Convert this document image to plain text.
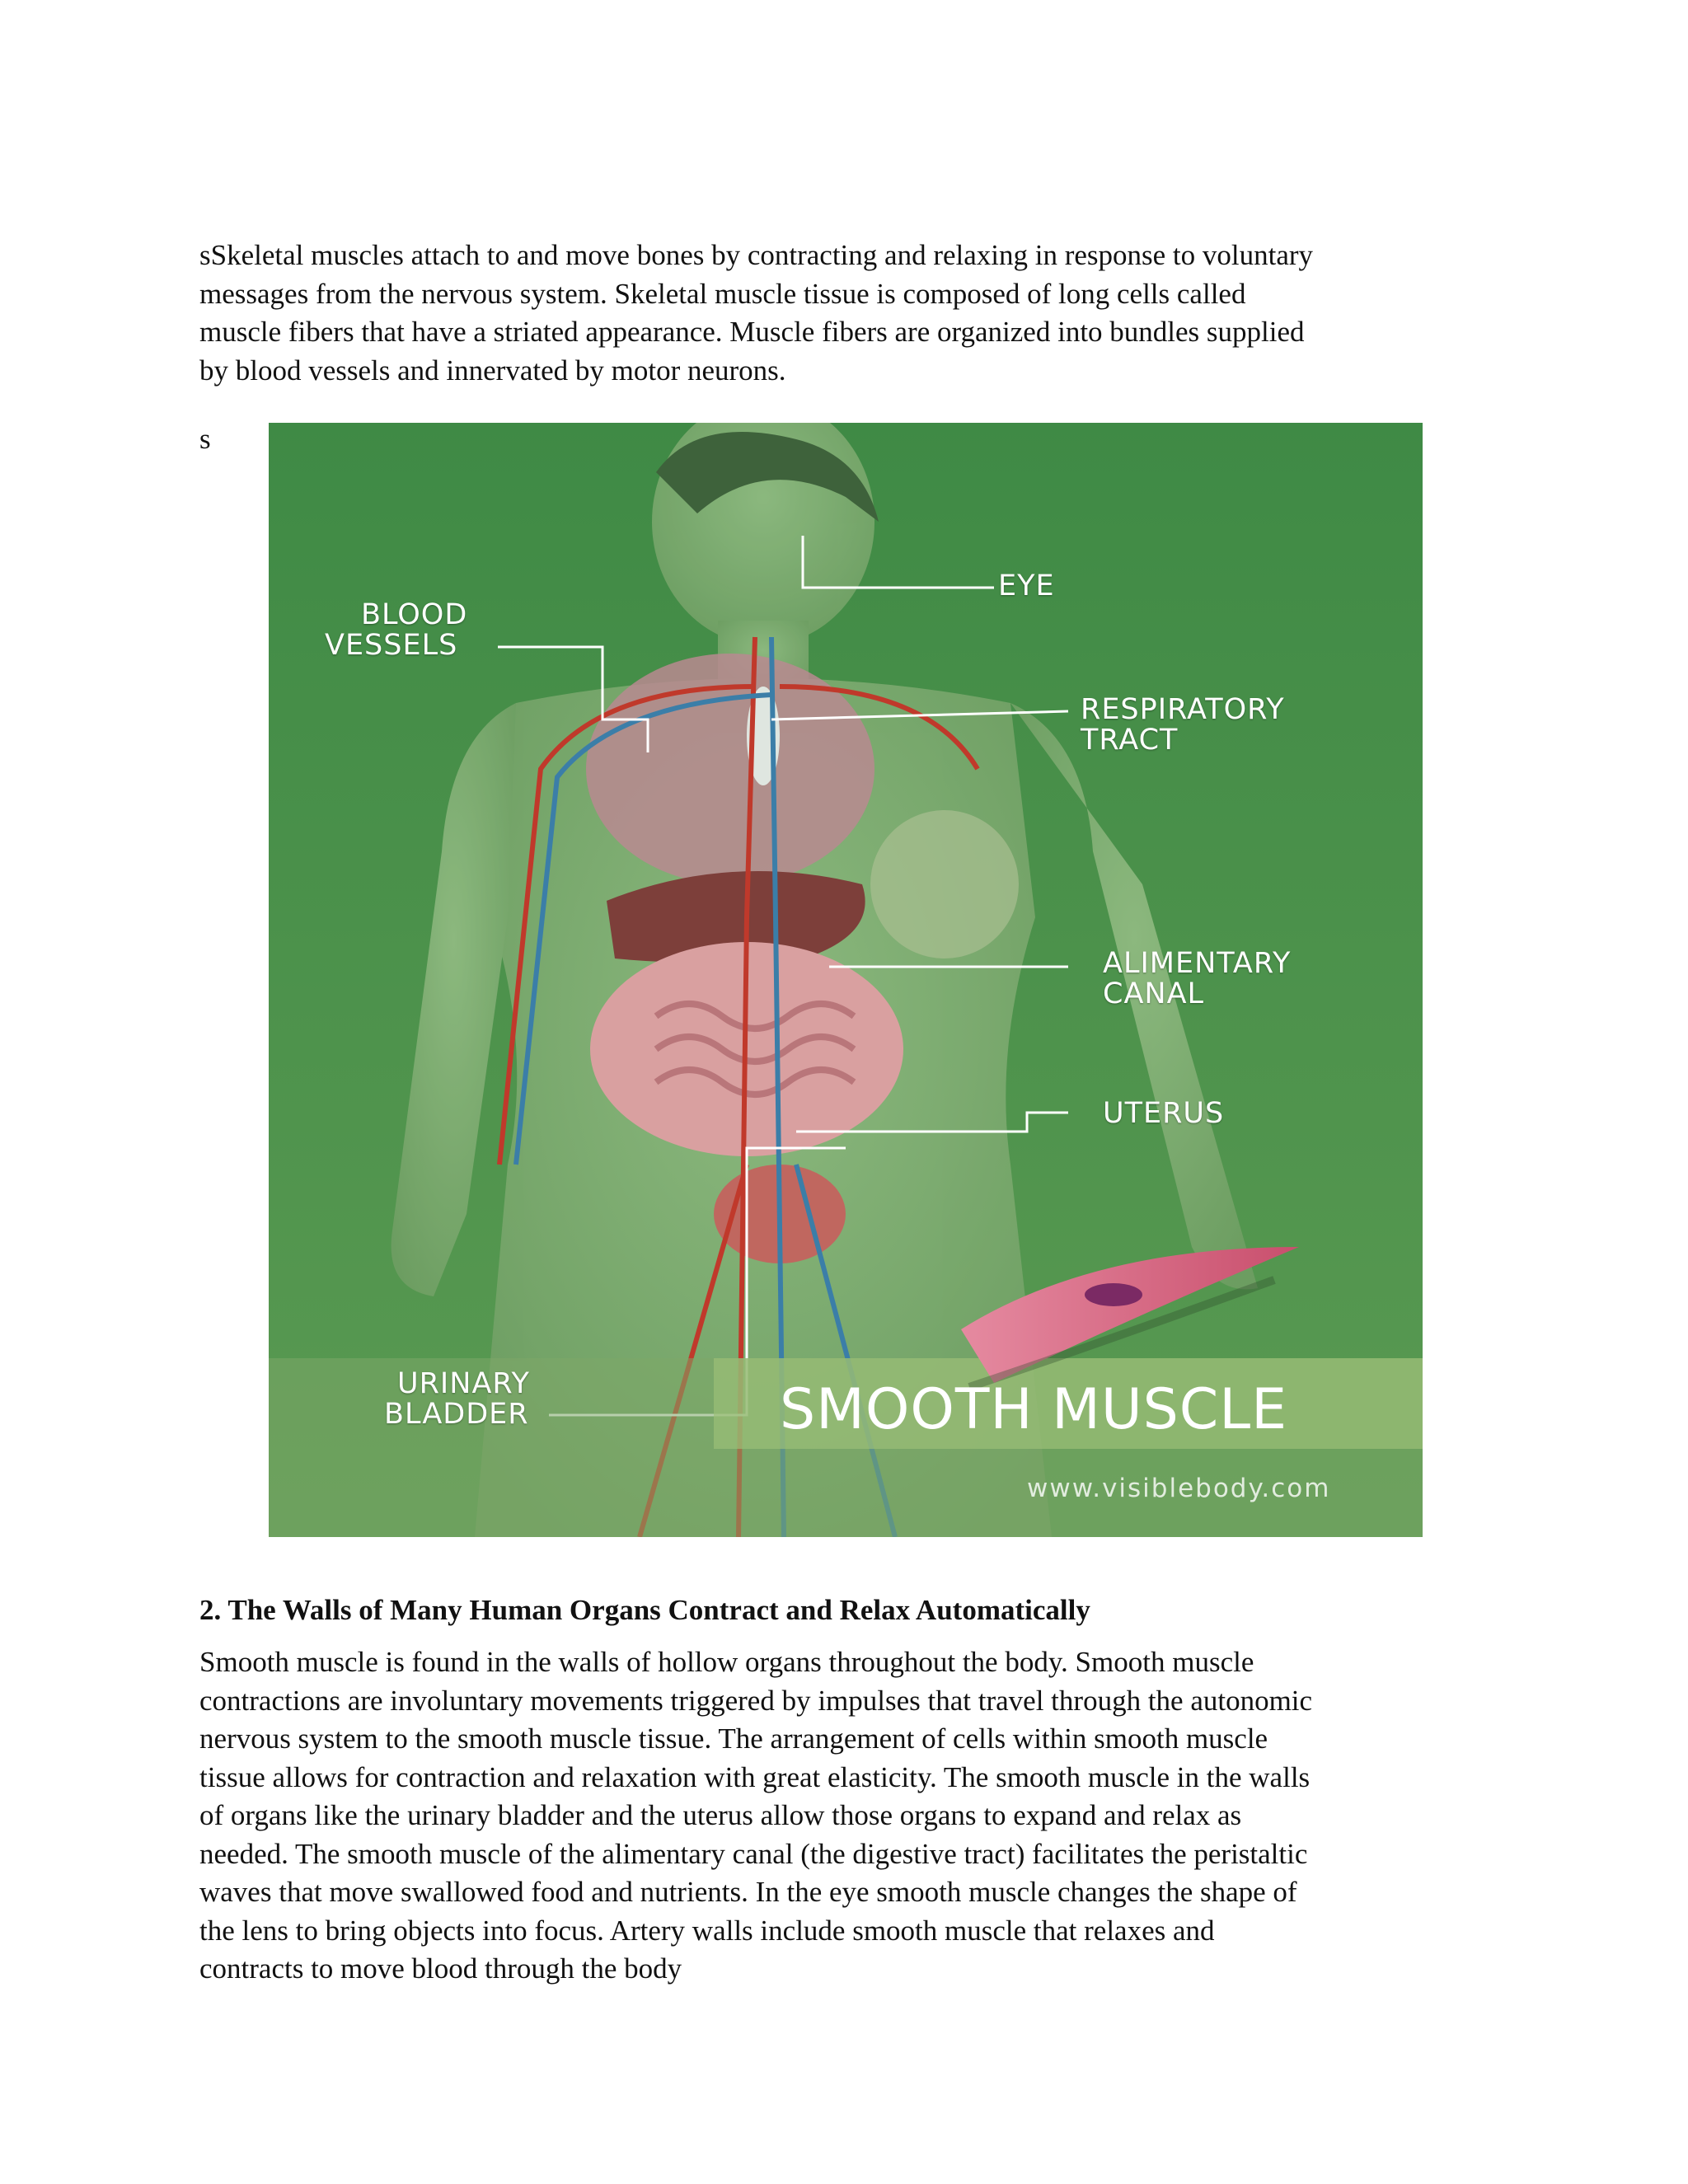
sSkeletal muscles attach to and move bones by contracting and relaxing in response to voluntary
messages from the nervous system. Skeletal muscle tissue is composed of long cells called
muscle fibers that have a striated appearance. Muscle fibers are organized into bundles supplied
by blood vessels and innervated by motor neurons.
s
BLOOD
VESSELS
EYE
RESPIRATORY
TRACT
ALIMENTARY
CANAL
UTERUS
URINARY
BLADDER	SMOOTH MUSCLE
www.visiblebody.com
2. The Walls of Many Human Organs Contract and Relax Automatically
Smooth muscle is found in the walls of hollow organs throughout the body. Smooth muscle
contractions are involuntary movements triggered by impulses that travel through the autonomic
nervous system to the smooth muscle tissue. The arrangement of cells within smooth muscle
tissue allows for contraction and relaxation with great elasticity. The smooth muscle in the walls
of organs like the urinary bladder and the uterus allow those organs to expand and relax as
needed. The smooth muscle of the alimentary canal (the digestive tract) facilitates the peristaltic
waves that move swallowed food and nutrients. In the eye smooth muscle changes the shape of
the lens to bring objects into focus. Artery walls include smooth muscle that relaxes and
contracts to move blood through the body
